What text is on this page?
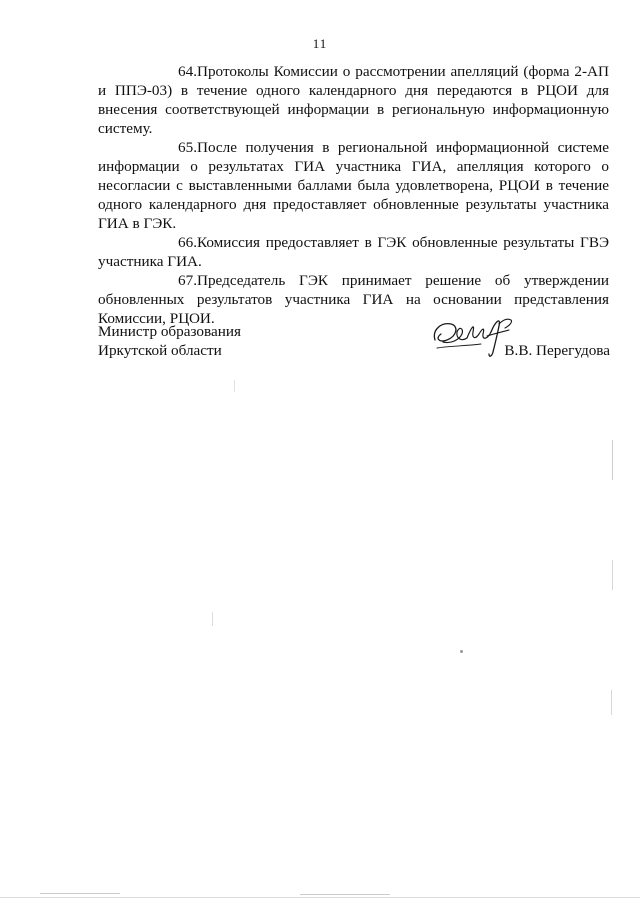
11

64.Протоколы Комиссии о рассмотрении апелляций (форма 2-АП и ППЭ-03) в течение одного календарного дня передаются в РЦОИ для внесения соответствующей информации в региональную информационную систему.

65.После получения в региональной информационной системе информации о результатах ГИА участника ГИА, апелляция которого о несогласии с выставленными баллами была удовлетворена, РЦОИ в течение одного календарного дня предоставляет обновленные результаты участника ГИА в ГЭК.

66.Комиссия предоставляет в ГЭК обновленные результаты ГВЭ участника ГИА.

67.Председатель ГЭК принимает решение об утверждении обновленных результатов участника ГИА на основании представления Комиссии, РЦОИ.

Министр образования
Иркутской области	В.В. Перегудова
